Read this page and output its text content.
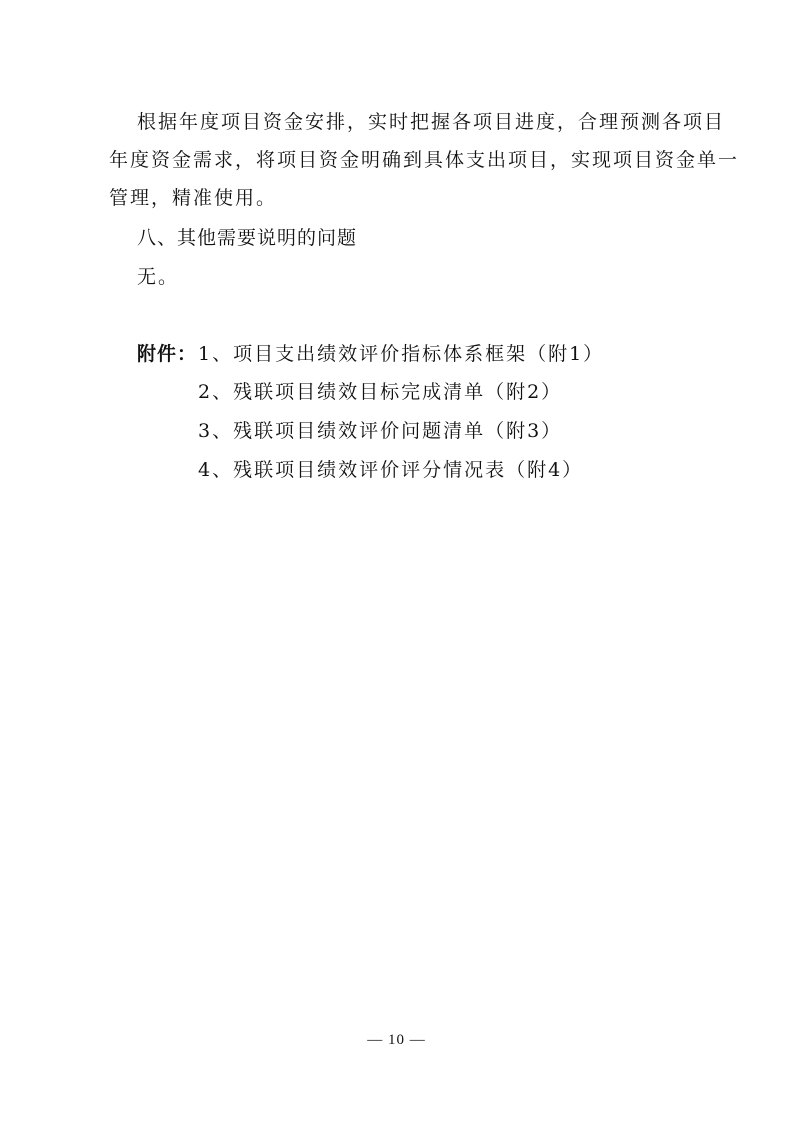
根据年度项目资金安排，实时把握各项目进度，合理预测各项目
年度资金需求，将项目资金明确到具体支出项目，实现项目资金单一
管理，精准使用。
八、其他需要说明的问题
无。
附件： 1、项目支出绩效评价指标体系框架（附1）
2、残联项目绩效目标完成清单（附2）
3、残联项目绩效评价问题清单（附3）
4、残联项目绩效评价评分情况表（附4）
— 10 —
